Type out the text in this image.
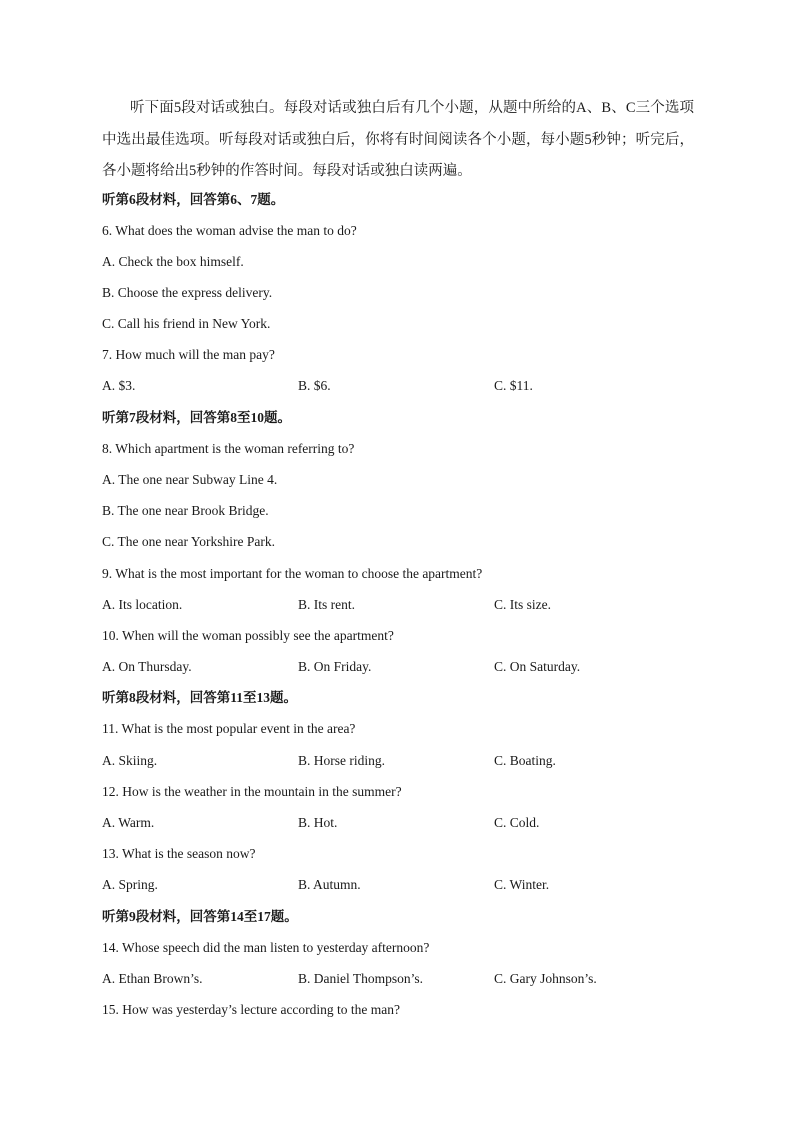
听下面5段对话或独白。每段对话或独白后有几个小题，从题中所给的A、B、C三个选项中选出最佳选项。听每段对话或独白后，你将有时间阅读各个小题，每小题5秒钟；听完后，各小题将给出5秒钟的作答时间。每段对话或独白读两遍。
听第6段材料，回答第6、7题。
6. What does the woman advise the man to do?
A. Check the box himself.
B. Choose the express delivery.
C. Call his friend in New York.
7. How much will the man pay?
A. $3.	B. $6.	C. $11.
听第7段材料，回答第8至10题。
8. Which apartment is the woman referring to?
A. The one near Subway Line 4.
B. The one near Brook Bridge.
C. The one near Yorkshire Park.
9. What is the most important for the woman to choose the apartment?
A. Its location.	B. Its rent.	C. Its size.
10. When will the woman possibly see the apartment?
A. On Thursday.	B. On Friday.	C. On Saturday.
听第8段材料，回答第11至13题。
11. What is the most popular event in the area?
A. Skiing.	B. Horse riding.	C. Boating.
12. How is the weather in the mountain in the summer?
A. Warm.	B. Hot.	C. Cold.
13. What is the season now?
A. Spring.	B. Autumn.	C. Winter.
听第9段材料，回答第14至17题。
14. Whose speech did the man listen to yesterday afternoon?
A. Ethan Brown’s.	B. Daniel Thompson’s.	C. Gary Johnson’s.
15. How was yesterday’s lecture according to the man?
